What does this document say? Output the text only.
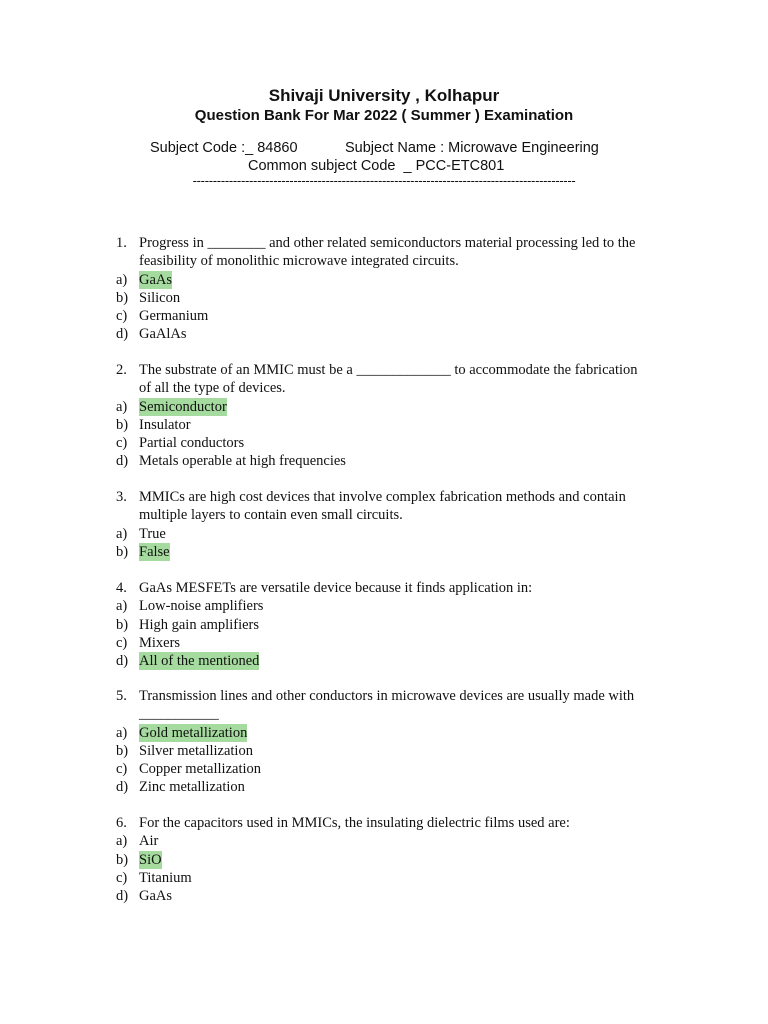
Shivaji University , Kolhapur
Question Bank For Mar 2022 ( Summer ) Examination
Subject Code :_ 84860	Subject Name : Microwave Engineering
Common subject Code  _ PCC-ETC801
-----------------------------------------------------------------------------------------------
1. Progress in ________ and other related semiconductors material processing led to the
feasibility of monolithic microwave integrated circuits.
a) GaAs
b) Silicon
c) Germanium
d) GaAlAs
2. The substrate of an MMIC must be a _____________ to accommodate the fabrication
of all the type of devices.
a) Semiconductor
b) Insulator
c) Partial conductors
d) Metals operable at high frequencies
3. MMICs are high cost devices that involve complex fabrication methods and contain
multiple layers to contain even small circuits.
a) True
b) False
4. GaAs MESFETs are versatile device because it finds application in:
a) Low-noise amplifiers
b) High gain amplifiers
c) Mixers
d) All of the mentioned
5. Transmission lines and other conductors in microwave devices are usually made with
___________
a) Gold metallization
b) Silver metallization
c) Copper metallization
d) Zinc metallization
6. For the capacitors used in MMICs, the insulating dielectric films used are:
a) Air
b) SiO
c) Titanium
d) GaAs
